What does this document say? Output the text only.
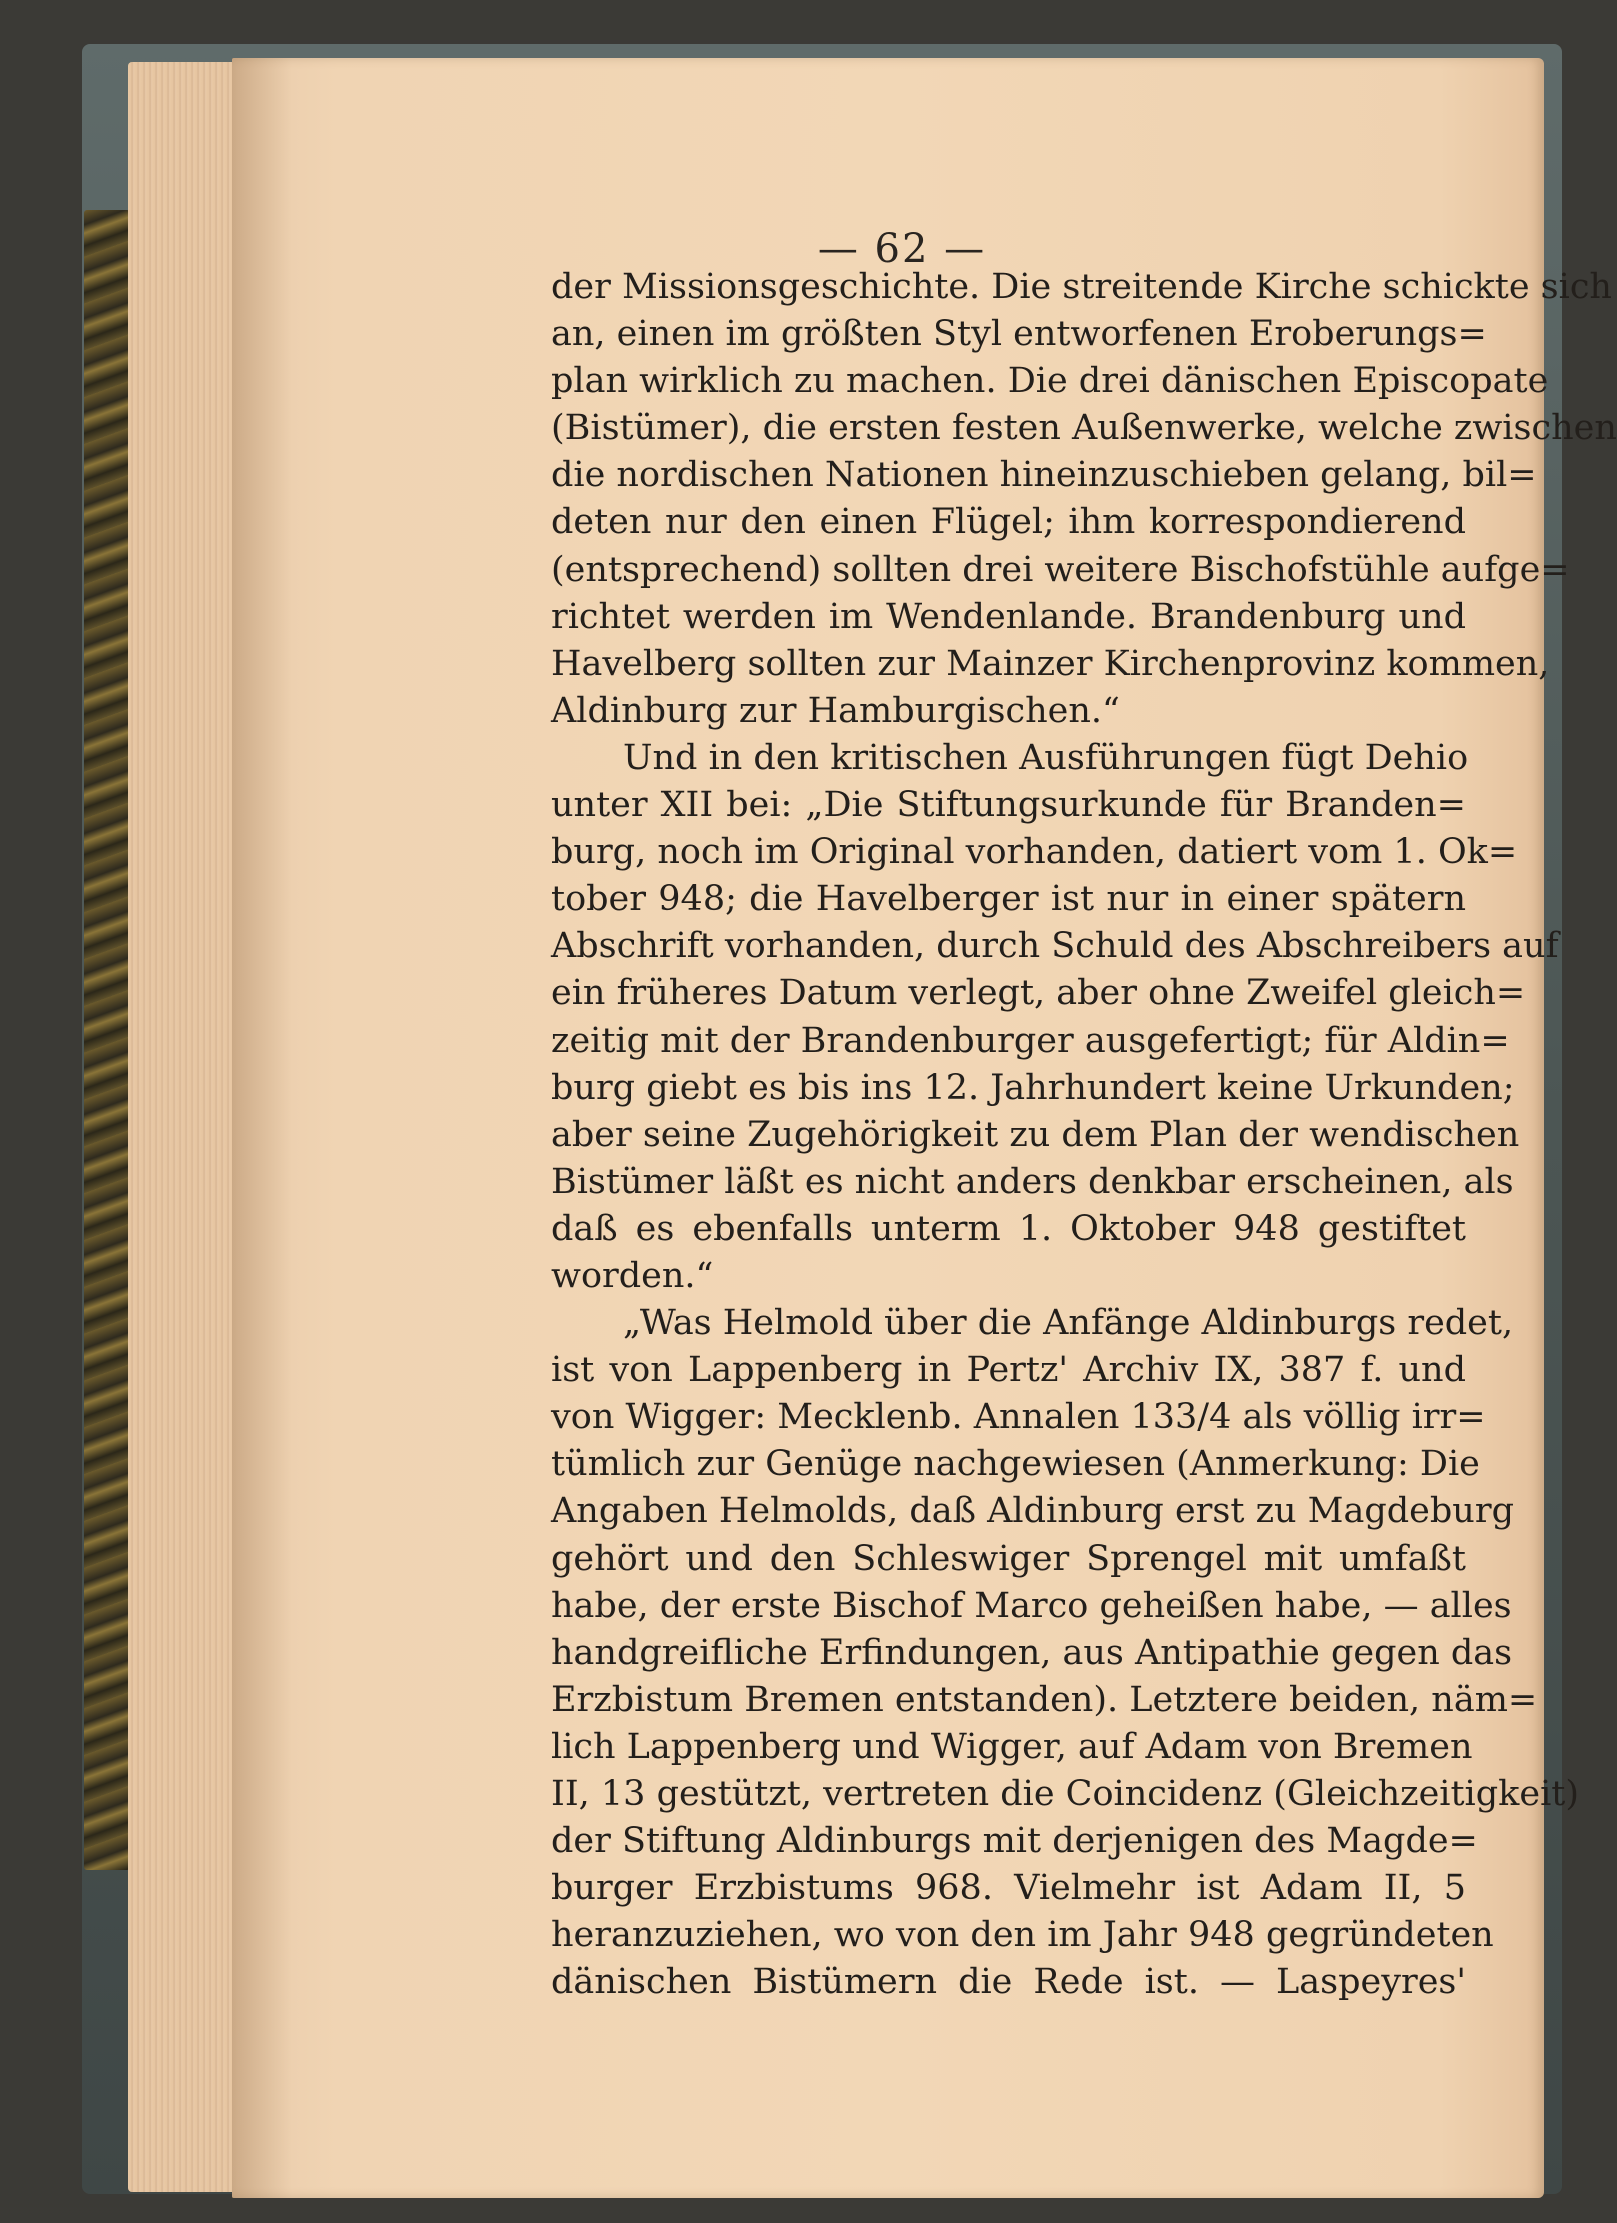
— 62 —
der Missionsgeschichte. Die streitende Kirche schickte sich
an, einen im größten Styl entworfenen Eroberungs=
plan wirklich zu machen. Die drei dänischen Episcopate
(Bistümer), die ersten festen Außenwerke, welche zwischen
die nordischen Nationen hineinzuschieben gelang, bil=
deten nur den einen Flügel; ihm korrespondierend
(entsprechend) sollten drei weitere Bischofstühle aufge=
richtet werden im Wendenlande. Brandenburg und
Havelberg sollten zur Mainzer Kirchenprovinz kommen,
Aldinburg zur Hamburgischen.“
Und in den kritischen Ausführungen fügt Dehio
unter XII bei: „Die Stiftungsurkunde für Branden=
burg, noch im Original vorhanden, datiert vom 1. Ok=
tober 948; die Havelberger ist nur in einer spätern
Abschrift vorhanden, durch Schuld des Abschreibers auf
ein früheres Datum verlegt, aber ohne Zweifel gleich=
zeitig mit der Brandenburger ausgefertigt; für Aldin=
burg giebt es bis ins 12. Jahrhundert keine Urkunden;
aber seine Zugehörigkeit zu dem Plan der wendischen
Bistümer läßt es nicht anders denkbar erscheinen, als
daß es ebenfalls unterm 1. Oktober 948 gestiftet
worden.“
„Was Helmold über die Anfänge Aldinburgs redet,
ist von Lappenberg in Pertz' Archiv IX, 387 f. und
von Wigger: Mecklenb. Annalen 133/4 als völlig irr=
tümlich zur Genüge nachgewiesen (Anmerkung: Die
Angaben Helmolds, daß Aldinburg erst zu Magdeburg
gehört und den Schleswiger Sprengel mit umfaßt
habe, der erste Bischof Marco geheißen habe, — alles
handgreifliche Erfindungen, aus Antipathie gegen das
Erzbistum Bremen entstanden). Letztere beiden, näm=
lich Lappenberg und Wigger, auf Adam von Bremen
II, 13 gestützt, vertreten die Coincidenz (Gleichzeitigkeit)
der Stiftung Aldinburgs mit derjenigen des Magde=
burger Erzbistums 968. Vielmehr ist Adam II, 5
heranzuziehen, wo von den im Jahr 948 gegründeten
dänischen Bistümern die Rede ist. — Laspeyres'
